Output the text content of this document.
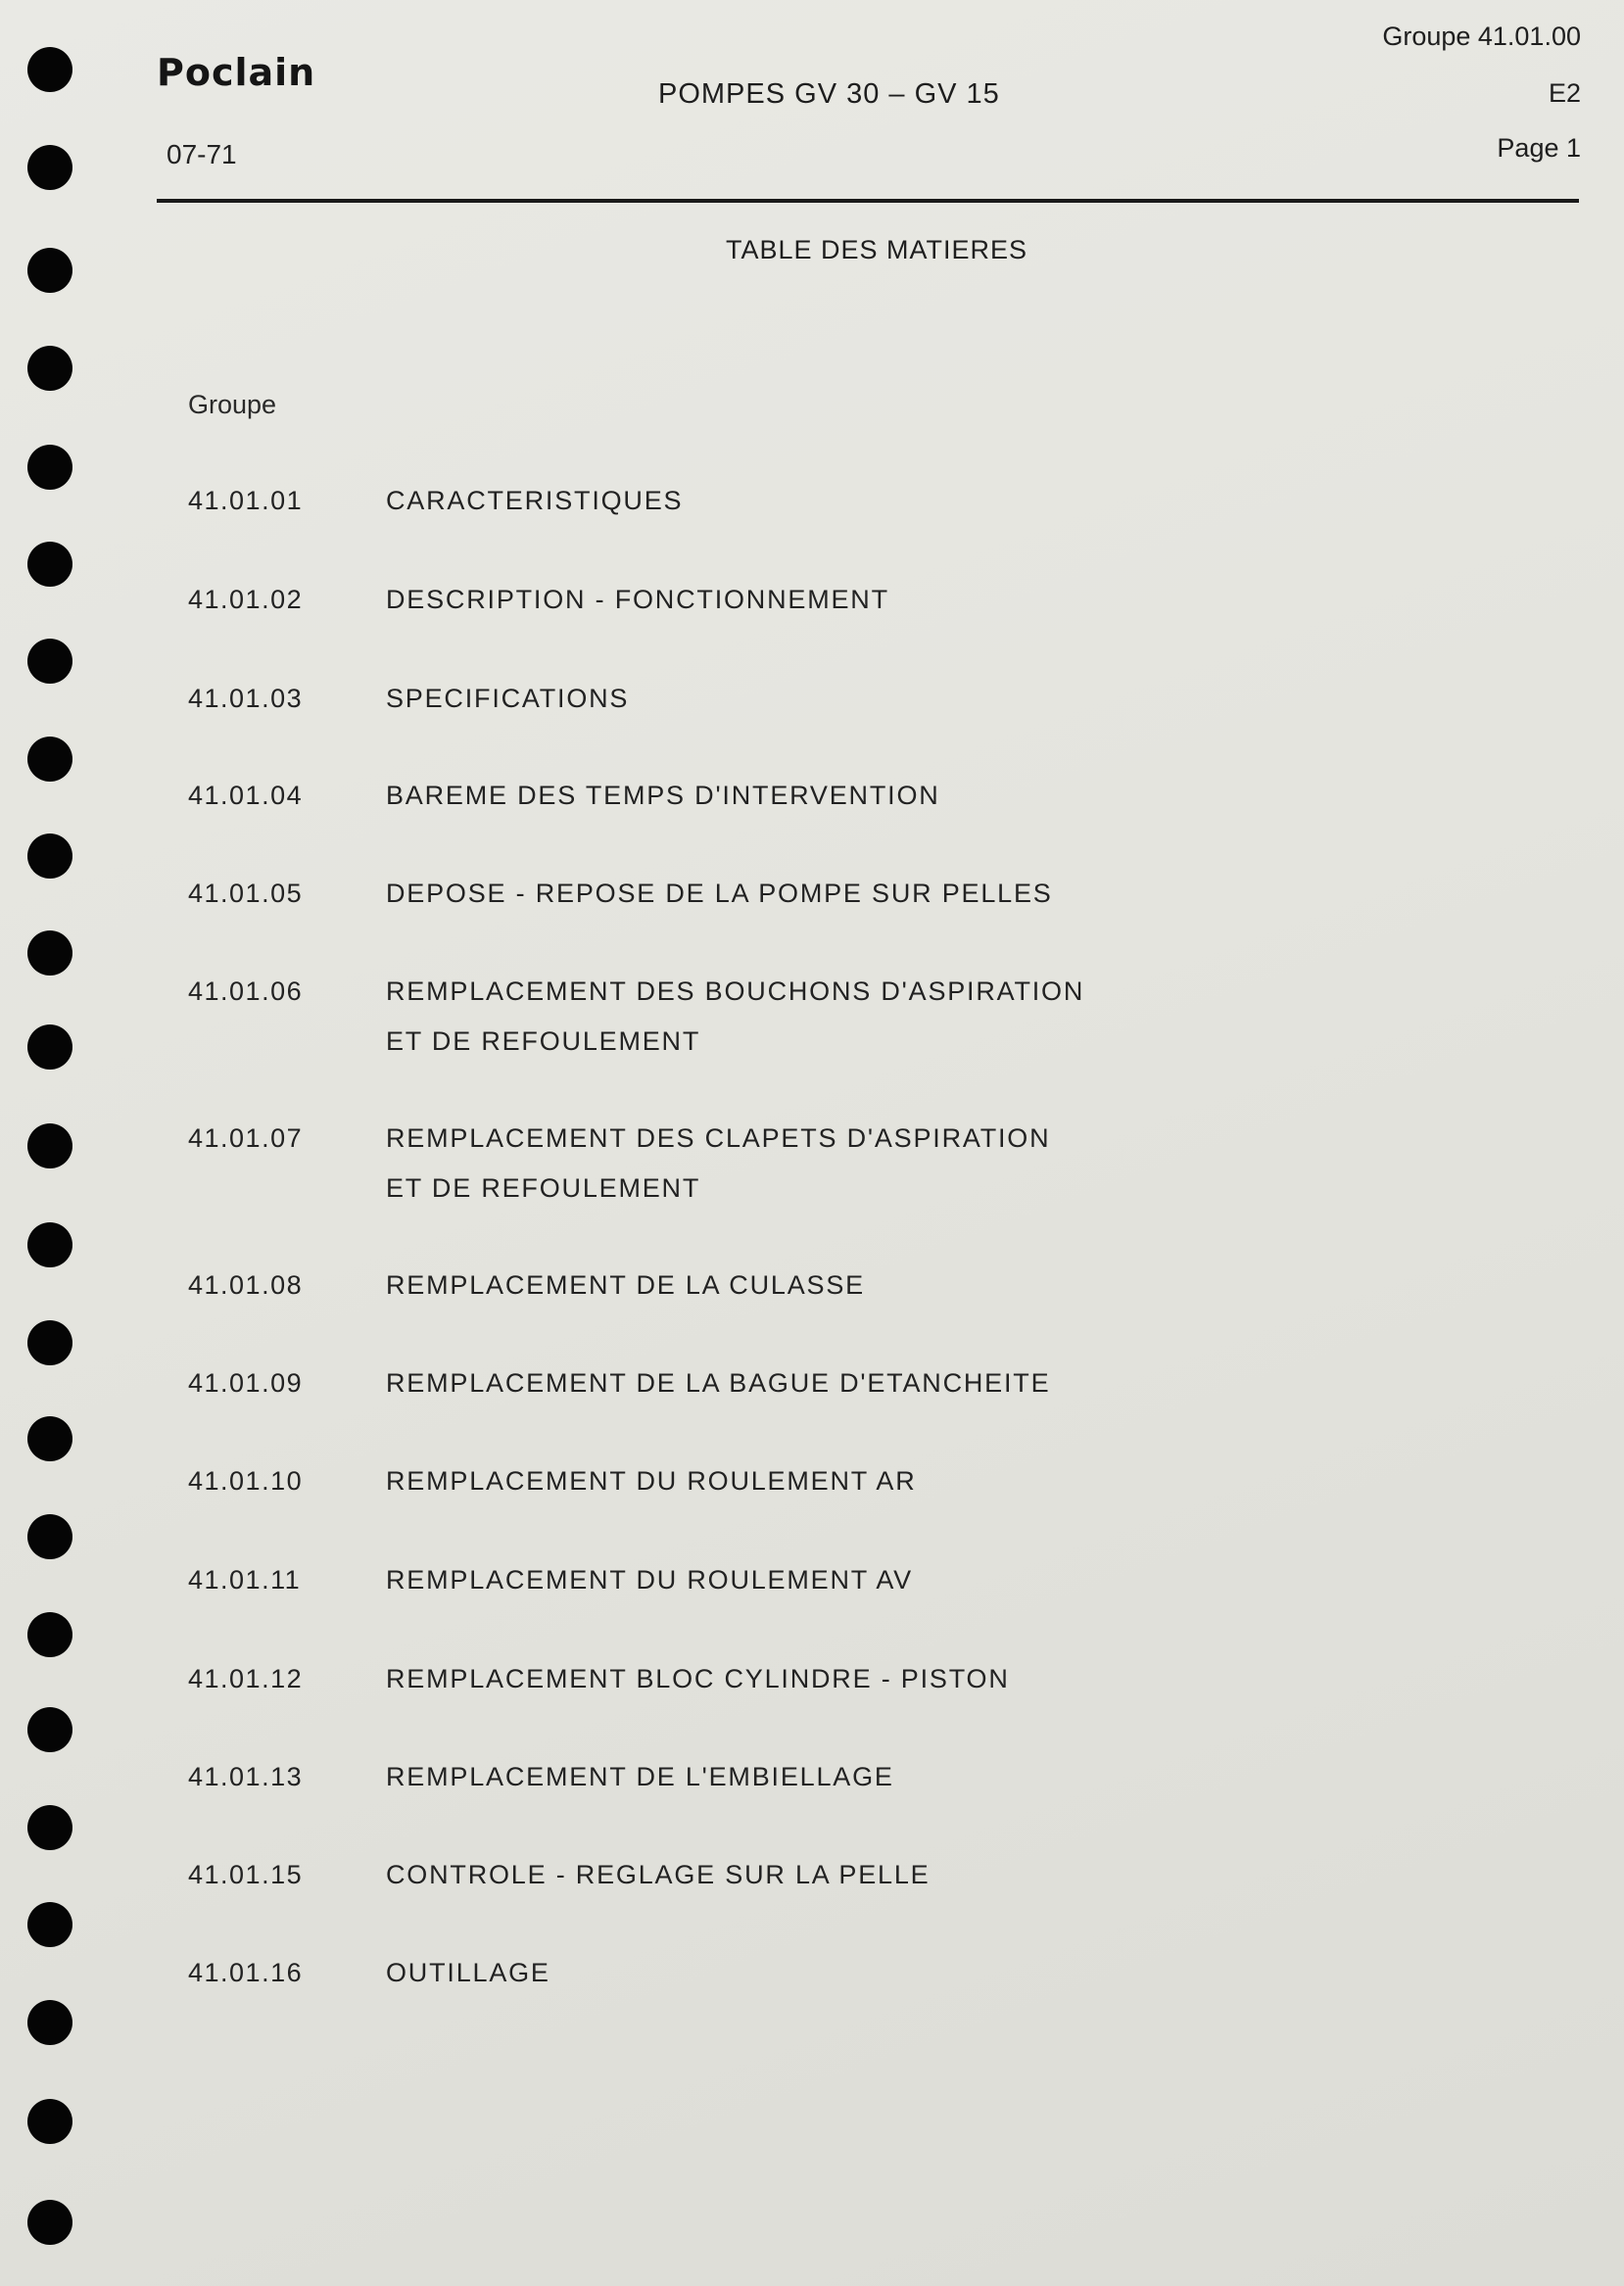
Poclain
07-71
POMPES GV 30 – GV 15
Groupe 41.01.00
E2
Page 1
TABLE DES MATIERES
Groupe
41.01.01	CARACTERISTIQUES
41.01.02	DESCRIPTION - FONCTIONNEMENT
41.01.03	SPECIFICATIONS
41.01.04	BAREME DES TEMPS D'INTERVENTION
41.01.05	DEPOSE - REPOSE DE LA POMPE SUR PELLES
41.01.06	REMPLACEMENT DES BOUCHONS D'ASPIRATION
ET DE REFOULEMENT
41.01.07	REMPLACEMENT DES CLAPETS D'ASPIRATION
ET DE REFOULEMENT
41.01.08	REMPLACEMENT DE LA CULASSE
41.01.09	REMPLACEMENT DE LA BAGUE D'ETANCHEITE
41.01.10	REMPLACEMENT DU ROULEMENT AR
41.01.11	REMPLACEMENT DU ROULEMENT AV
41.01.12	REMPLACEMENT BLOC CYLINDRE - PISTON
41.01.13	REMPLACEMENT DE L'EMBIELLAGE
41.01.15	CONTROLE - REGLAGE SUR LA PELLE
41.01.16	OUTILLAGE
